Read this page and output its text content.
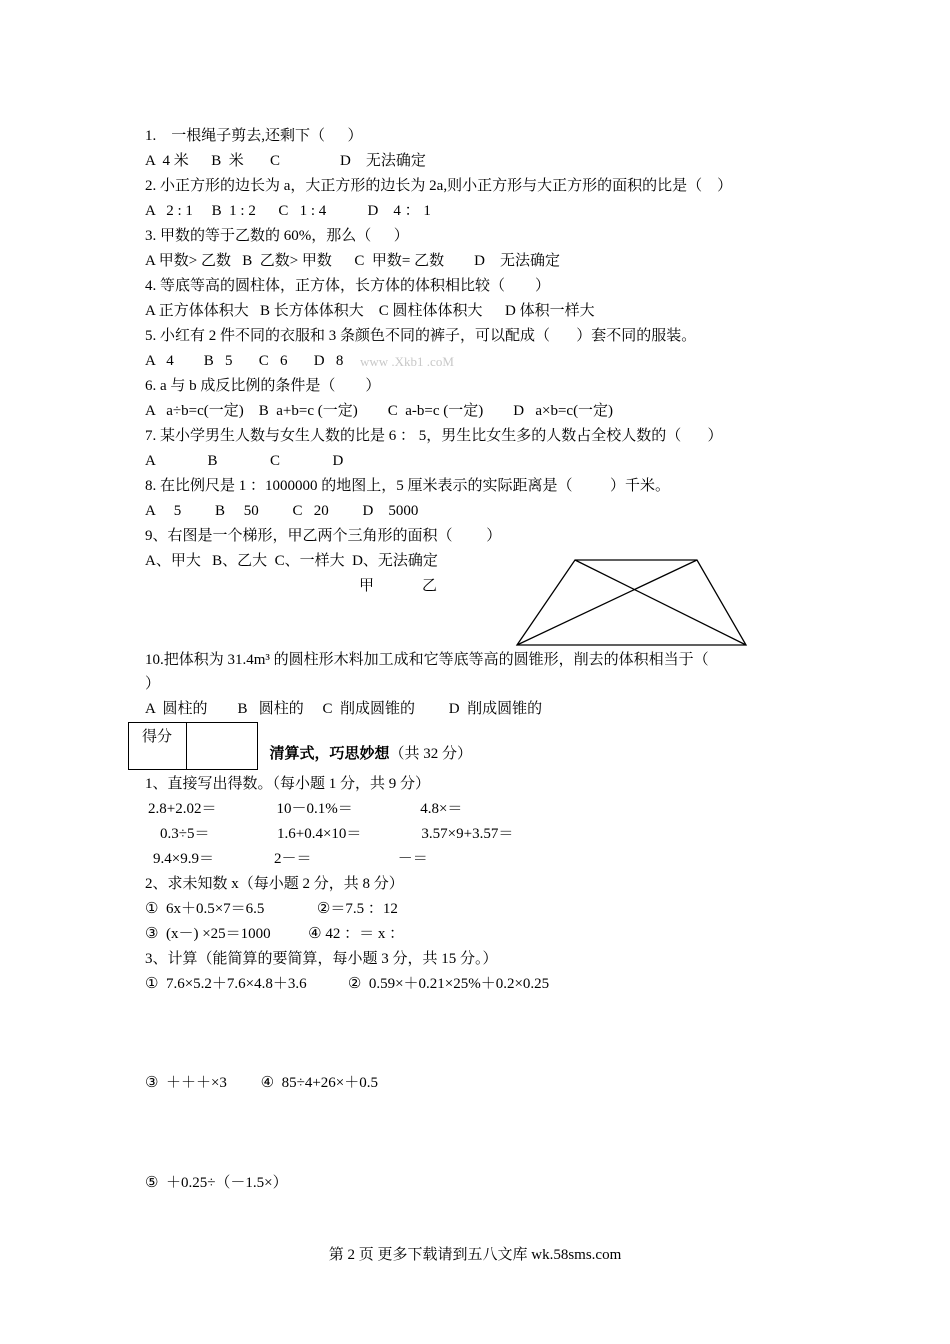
1.    一根绳子剪去,还剩下（      ）
A  4 米      B  米       C                D    无法确定
2. 小正方形的边长为 a，大正方形的边长为 2a,则小正方形与大正方形的面积的比是（    ）
A   2 : 1     B  1 : 2      C   1 : 4           D    4 ： 1
3. 甲数的等于乙数的 60%，那么（      ）
A 甲数> 乙数   B  乙数> 甲数      C  甲数= 乙数        D    无法确定
4. 等底等高的圆柱体，正方体，长方体的体积相比较（        ）
A 正方体体积大   B 长方体体积大    C 圆柱体体积大      D 体积一样大
5. 小红有 2 件不同的衣服和 3 条颜色不同的裤子，可以配成（       ）套不同的服装。
A   4        B   5       C   6       D   8 www .Xkb1 .coM
6. a 与 b 成反比例的条件是（        ）
A   a÷b=c(一定)    B  a+b=c (一定)        C  a-b=c (一定)        D   a×b=c(一定)
7. 某小学男生人数与女生人数的比是 6 ： 5，男生比女生多的人数占全校人数的（       ）
A              B              C              D
8. 在比例尺是 1 ：1000000 的地图上，5 厘米表示的实际距离是（          ）千米。
A     5         B     50         C   20         D    5000
9、右图是一个梯形，甲乙两个三角形的面积（         ）
A、甲大   B、乙大  C、一样大  D、无法确定
甲	乙
10.把体积为 31.4m³ 的圆柱形木料加工成和它等底等高的圆锥形，削去的体积相当于（
）
A  圆柱的        B   圆柱的     C  削成圆锥的         D  削成圆锥的
得分

清算式，巧思妙想（共 32 分）

1、直接写出得数。（每小题 1 分，共 9 分）
2.8+2.02＝                10－0.1%＝                  4.8×＝
0.3÷5＝                  1.6+0.4×10＝                3.57×9+3.57＝
9.4×9.9＝                2－＝                       －＝
2、求未知数 x（每小题 2 分，共 8 分）
①  6x＋0.5×7＝6.5              ②＝7.5 ：12
③  (x－) ×25＝1000          ④ 42 ：＝ x ：
3、计算（能简算的要简算，每小题 3 分，共 15 分。）
①  7.6×5.2＋7.6×4.8＋3.6           ②  0.59×＋0.21×25%＋0.2×0.25
③  ＋＋＋×3         ④  85÷4+26×＋0.5
⑤  ＋0.25÷（－1.5×）
第 2 页 更多下载请到五八文库 wk.58sms.com
